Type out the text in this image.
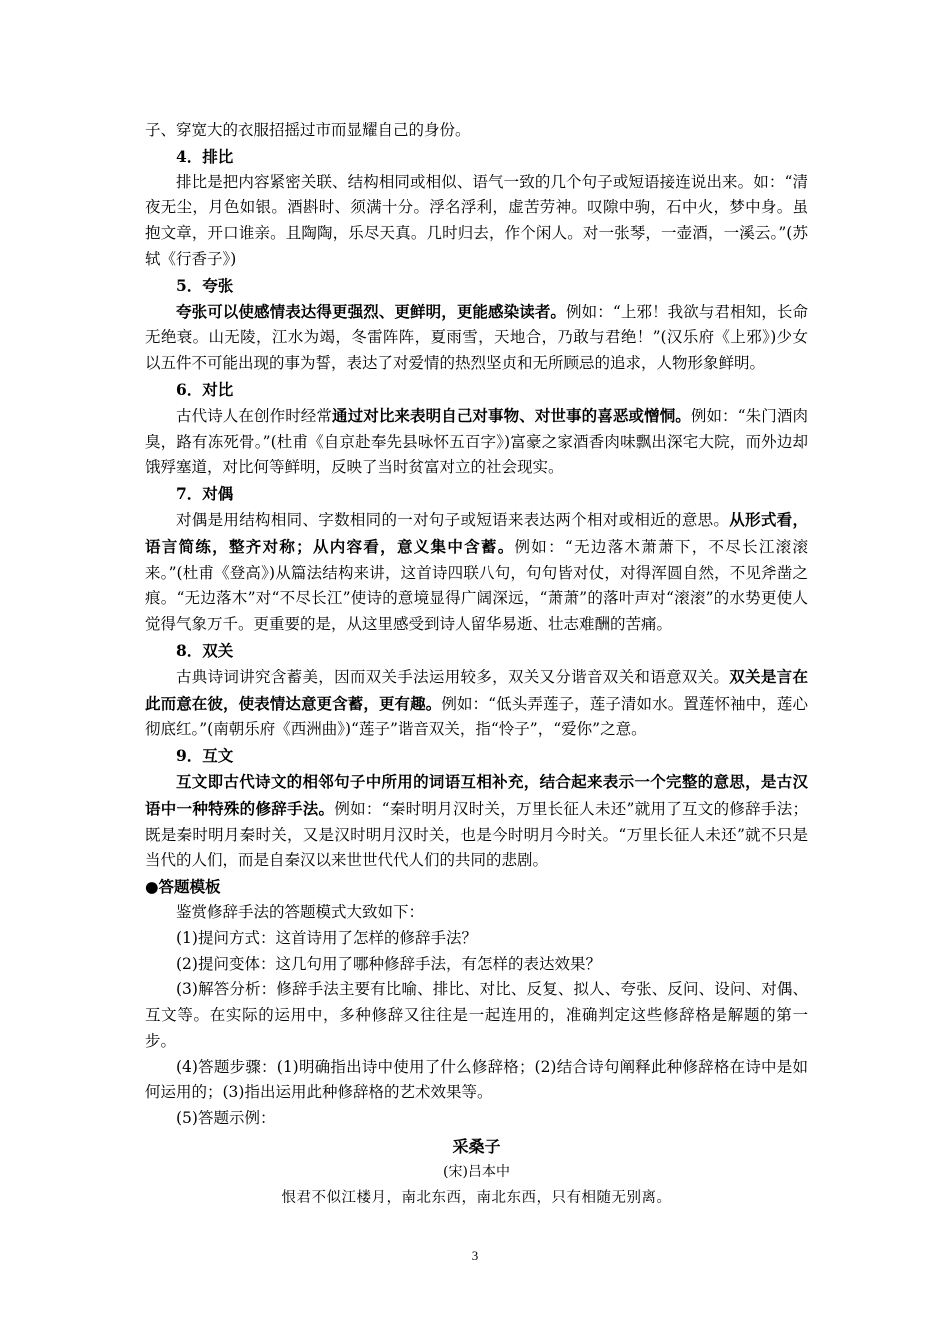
子、穿宽大的衣服招摇过市而显耀自己的身份。

4．排比

排比是把内容紧密关联、结构相同或相似、语气一致的几个句子或短语接连说出来。如：“清夜无尘，月色如银。酒斟时、须满十分。浮名浮利，虚苦劳神。叹隙中驹，石中火，梦中身。虽抱文章，开口谁亲。且陶陶，乐尽天真。几时归去，作个闲人。对一张琴，一壶酒，一溪云。”(苏轼《行香子》)

5．夸张

夸张可以使感情表达得更强烈、更鲜明，更能感染读者。例如：“上邪！我欲与君相知，长命无绝衰。山无陵，江水为竭，冬雷阵阵，夏雨雪，天地合，乃敢与君绝！”(汉乐府《上邪》)少女以五件不可能出现的事为誓，表达了对爱情的热烈坚贞和无所顾忌的追求，人物形象鲜明。

6．对比

古代诗人在创作时经常通过对比来表明自己对事物、对世事的喜恶或憎恫。例如：“朱门酒肉臭，路有冻死骨。”(杜甫《自京赴奉先县咏怀五百字》)富豪之家酒香肉味飘出深宅大院，而外边却饿殍塞道，对比何等鲜明，反映了当时贫富对立的社会现实。

7．对偶

对偶是用结构相同、字数相同的一对句子或短语来表达两个相对或相近的意思。从形式看，语言简练，整齐对称；从内容看，意义集中含蓄。例如：“无边落木萧萧下，不尽长江滚滚来。”(杜甫《登高》)从篇法结构来讲，这首诗四联八句，句句皆对仗，对得浑圆自然，不见斧凿之痕。“无边落木”对“不尽长江”使诗的意境显得广阔深远，“萧萧”的落叶声对“滚滚”的水势更使人觉得气象万千。更重要的是，从这里感受到诗人留华易逝、壮志难酬的苦痛。

8．双关

古典诗词讲究含蓄美，因而双关手法运用较多，双关又分谐音双关和语意双关。双关是言在此而意在彼，使表情达意更含蓄，更有趣。例如：“低头弄莲子，莲子清如水。置莲怀袖中，莲心彻底红。”(南朝乐府《西洲曲》)“莲子”谐音双关，指“怜子”，“爱你”之意。

9．互文

互文即古代诗文的相邻句子中所用的词语互相补充，结合起来表示一个完整的意思，是古汉语中一种特殊的修辞手法。例如：“秦时明月汉时关，万里长征人未还”就用了互文的修辞手法；既是秦时明月秦时关，又是汉时明月汉时关，也是今时明月今时关。“万里长征人未还”就不只是当代的人们，而是自秦汉以来世世代代人们的共同的悲剧。

●答题模板

鉴赏修辞手法的答题模式大致如下：

(1)提问方式：这首诗用了怎样的修辞手法？

(2)提问变体：这几句用了哪种修辞手法，有怎样的表达效果？

(3)解答分析：修辞手法主要有比喻、排比、对比、反复、拟人、夸张、反问、设问、对偶、互文等。在实际的运用中，多种修辞又往往是一起连用的，准确判定这些修辞格是解题的第一步。

(4)答题步骤：(1)明确指出诗中使用了什么修辞格；(2)结合诗句阐释此种修辞格在诗中是如何运用的；(3)指出运用此种修辞格的艺术效果等。

(5)答题示例：

采桑子

(宋)吕本中

恨君不似江楼月，南北东西，南北东西，只有相随无别离。

3
